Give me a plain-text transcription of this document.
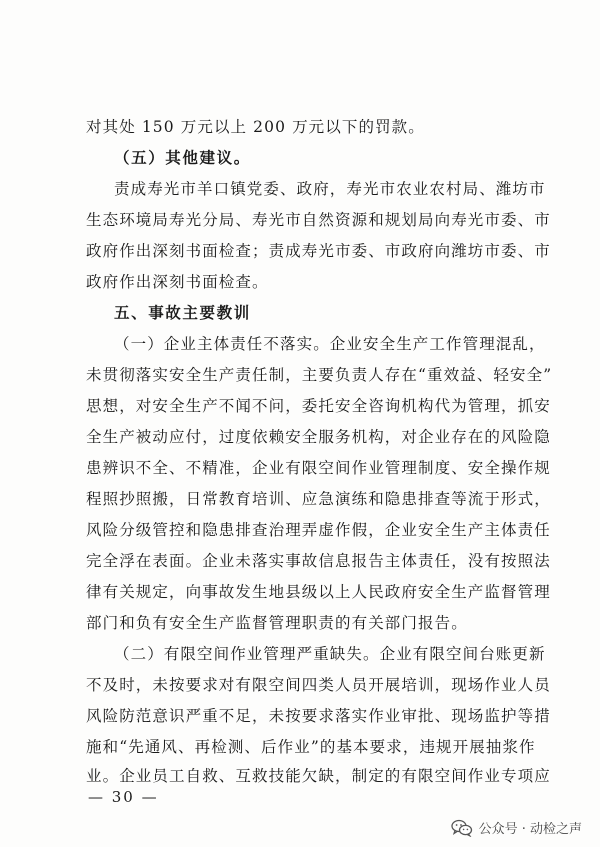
对其处 150 万元以上 200 万元以下的罚款。
（五）其他建议。
责成寿光市羊口镇党委、政府，寿光市农业农村局、潍坊市
生态环境局寿光分局、寿光市自然资源和规划局向寿光市委、市
政府作出深刻书面检查；责成寿光市委、市政府向潍坊市委、市
政府作出深刻书面检查。
五、事故主要教训
（一）企业主体责任不落实。企业安全生产工作管理混乱，
未贯彻落实安全生产责任制，主要负责人存在“重效益、轻安全”
思想，对安全生产不闻不问，委托安全咨询机构代为管理，抓安
全生产被动应付，过度依赖安全服务机构，对企业存在的风险隐
患辨识不全、不精准，企业有限空间作业管理制度、安全操作规
程照抄照搬，日常教育培训、应急演练和隐患排查等流于形式，
风险分级管控和隐患排查治理弄虚作假，企业安全生产主体责任
完全浮在表面。企业未落实事故信息报告主体责任，没有按照法
律有关规定，向事故发生地县级以上人民政府安全生产监督管理
部门和负有安全生产监督管理职责的有关部门报告。
（二）有限空间作业管理严重缺失。企业有限空间台账更新
不及时，未按要求对有限空间四类人员开展培训，现场作业人员
风险防范意识严重不足，未按要求落实作业审批、现场监护等措
施和“先通风、再检测、后作业”的基本要求，违规开展抽浆作
业。企业员工自救、互救技能欠缺，制定的有限空间作业专项应
— 30 —
公众号 · 动检之声
